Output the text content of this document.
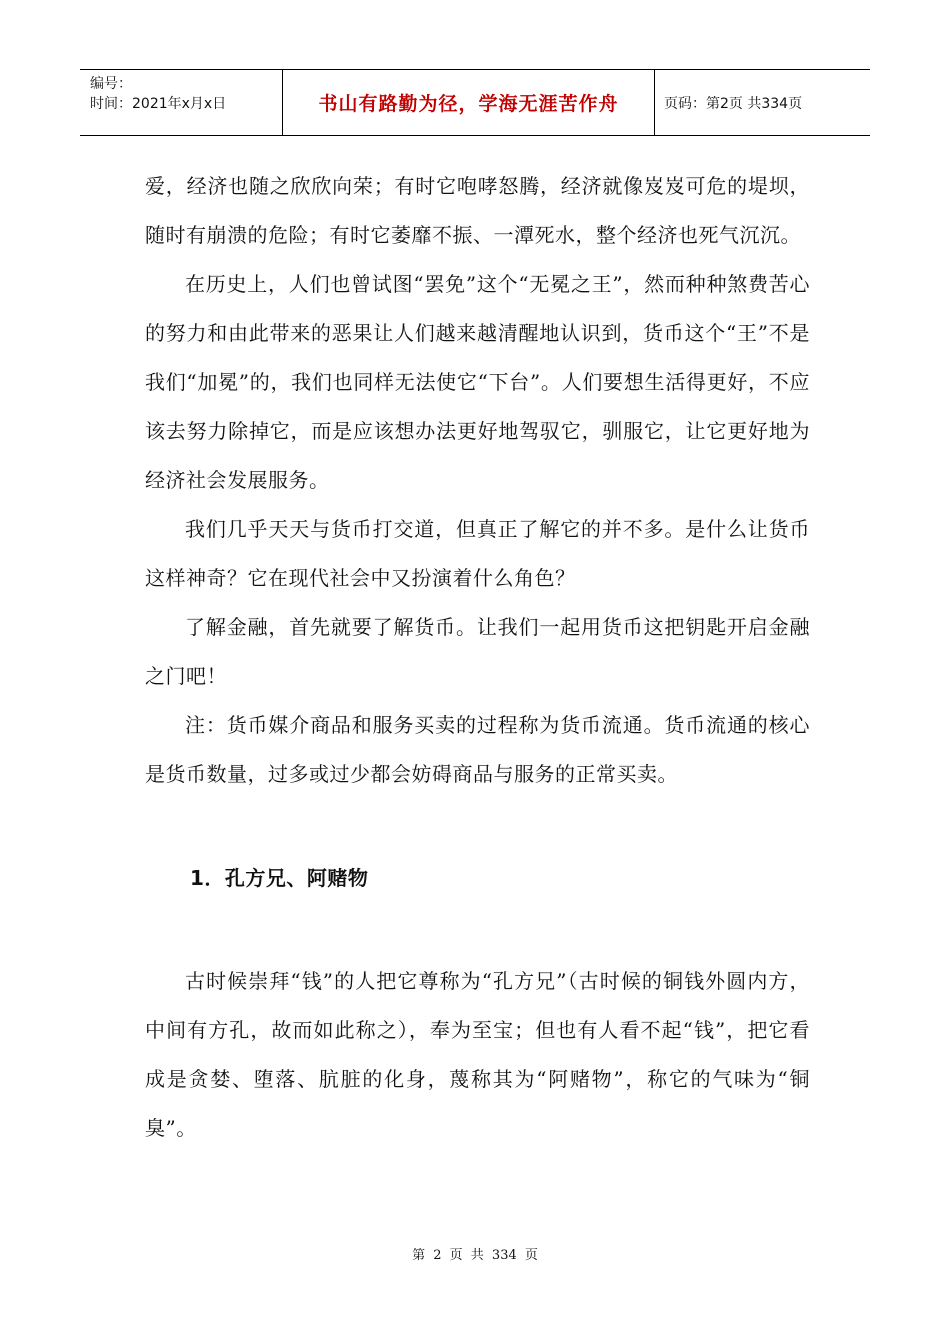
编号：
时间：2021年x月x日	书山有路勤为径，学海无涯苦作舟	页码：第2页 共334页

爱，经济也随之欣欣向荣；有时它咆哮怒腾，经济就像岌岌可危的堤坝，随时有崩溃的危险；有时它萎靡不振、一潭死水，整个经济也死气沉沉。

在历史上，人们也曾试图“罢免”这个“无冕之王”，然而种种煞费苦心的努力和由此带来的恶果让人们越来越清醒地认识到，货币这个“王”不是我们“加冕”的，我们也同样无法使它“下台”。人们要想生活得更好，不应该去努力除掉它，而是应该想办法更好地驾驭它，驯服它，让它更好地为经济社会发展服务。

我们几乎天天与货币打交道，但真正了解它的并不多。是什么让货币这样神奇？它在现代社会中又扮演着什么角色？

了解金融，首先就要了解货币。让我们一起用货币这把钥匙开启金融之门吧！

注：货币媒介商品和服务买卖的过程称为货币流通。货币流通的核心是货币数量，过多或过少都会妨碍商品与服务的正常买卖。

1．孔方兄、阿赌物

古时候崇拜“钱”的人把它尊称为“孔方兄”（古时候的铜钱外圆内方，中间有方孔，故而如此称之），奉为至宝；但也有人看不起“钱”，把它看成是贪婪、堕落、肮脏的化身，蔑称其为“阿赌物”，称它的气味为“铜臭”。

第 2 页 共 334 页
